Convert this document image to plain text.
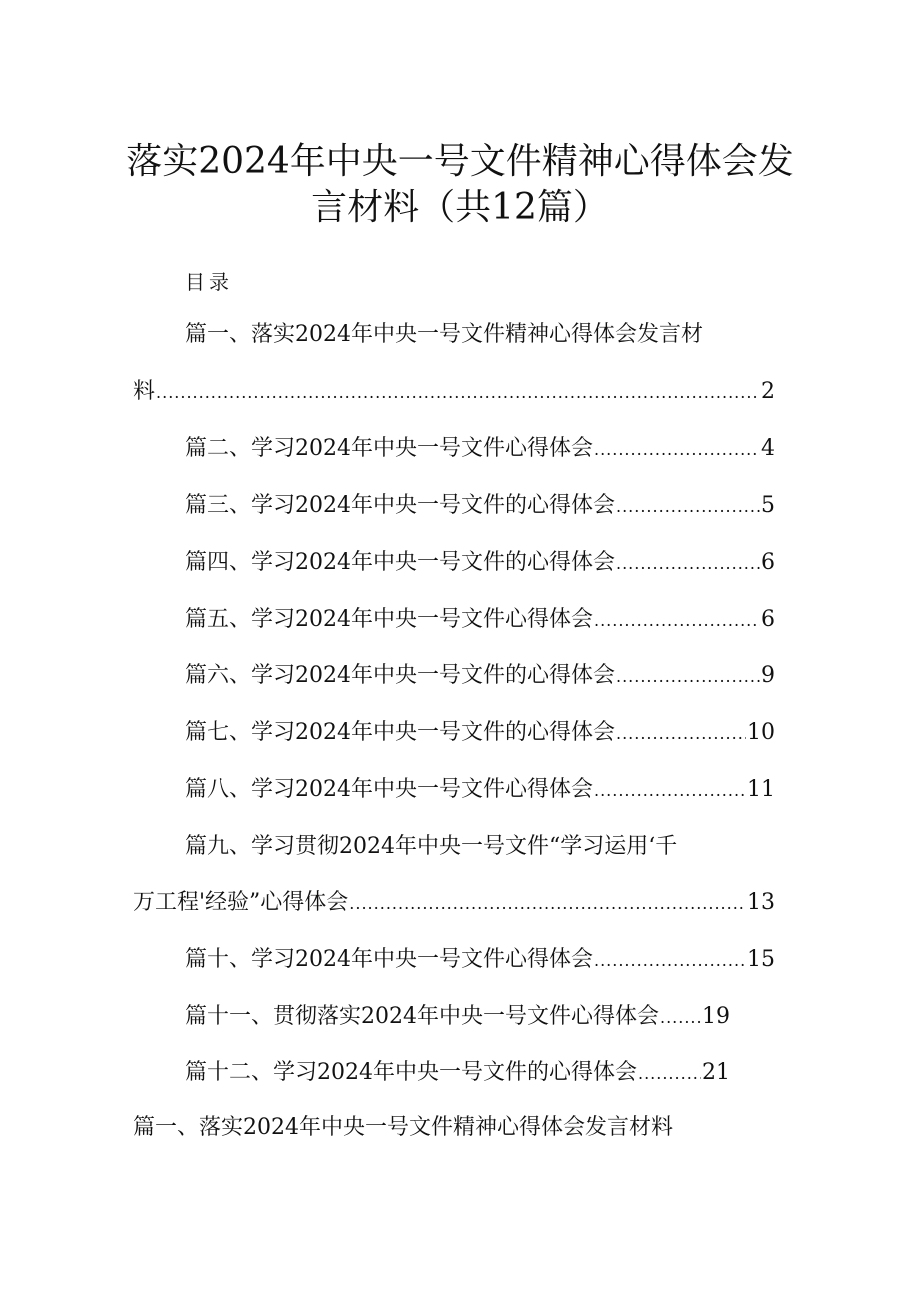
落实2024年中央一号文件精神心得体会发
言材料（共12篇）
目录
篇一、落实2024年中央一号文件精神心得体会发言材
料 .....	2
篇二、学习2024年中央一号文件心得体会 .....	4
篇三、学习2024年中央一号文件的心得体会 .....	5
篇四、学习2024年中央一号文件的心得体会 .....	6
篇五、学习2024年中央一号文件心得体会 .....	6
篇六、学习2024年中央一号文件的心得体会 .....	9
篇七、学习2024年中央一号文件的心得体会 .....	10
篇八、学习2024年中央一号文件心得体会 .....	11
篇九、学习贯彻2024年中央一号文件“学习运用‘千
万工程'经验”心得体会 .....	13
篇十、学习2024年中央一号文件心得体会 .....	15
篇十一、贯彻落实2024年中央一号文件心得体会 ..... 19
篇十二、学习2024年中央一号文件的心得体会 .....	21
篇一、落实2024年中央一号文件精神心得体会发言材料
